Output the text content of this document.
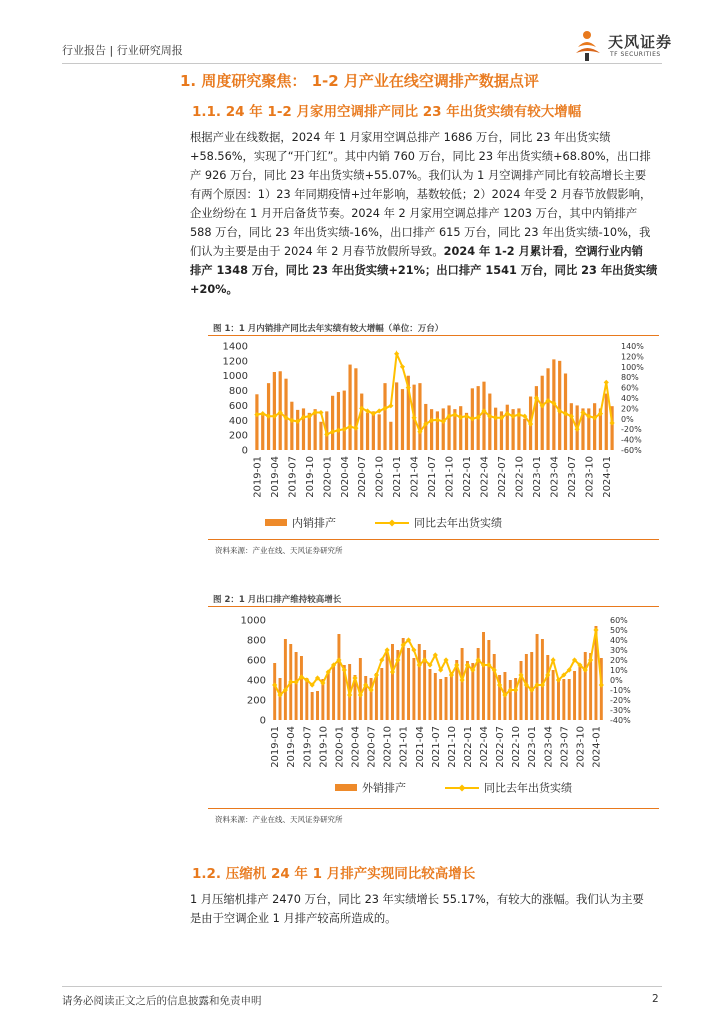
行业报告 | 行业研究周报	天风证券
TF SECURITIES
1. 周度研究聚焦： 1-2 月产业在线空调排产数据点评
1.1. 24 年 1-2 月家用空调排产同比 23 年出货实绩有较大增幅
根据产业在线数据，2024 年 1 月家用空调总排产 1686 万台，同比 23 年出货实绩
+58.56%，实现了“开门红”。其中内销 760 万台，同比 23 年出货实绩+68.80%，出口排
产 926 万台，同比 23 年出货实绩+55.07%。我们认为 1 月空调排产同比有较高增长主要
有两个原因：1）23 年同期疫情+过年影响，基数较低；2）2024 年受 2 月春节放假影响，
企业纷纷在 1 月开启备货节奏。2024 年 2 月家用空调总排产 1203 万台，其中内销排产
588 万台，同比 23 年出货实绩-16%，出口排产 615 万台，同比 23 年出货实绩-10%，我
们认为主要是由于 2024 年 2 月春节放假所导致。2024 年 1-2 月累计看，空调行业内销
排产 1348 万台，同比 23 年出货实绩+21%；出口排产 1541 万台，同比 23 年出货实绩
+20%。
图 1：1 月内销排产同比去年实绩有较大增幅（单位：万台）
0
200
400
600
800
1000
1200
1400
-60%
-40%
-20%
0%
20%
40%
60%
80%
100%
120%
140%
2019-01 2019-04 2019-07 2019-10 2020-01 2020-04 2020-07 2020-10 2021-01 2021-04 2021-07 2021-10 2022-01 2022-04 2022-07 2022-10 2023-01 2023-04 2023-07 2023-10 2024-01
内销排产	同比去年出货实绩
资料来源：产业在线、天风证券研究所
图 2：1 月出口排产维持较高增长
0
200
400
600
800
1000
-40%
-30%
-20%
-10%
0%
10%
20%
30%
40%
50%
60%
2019-01 2019-04 2019-07 2019-10 2020-01 2020-04 2020-07 2020-10 2021-01 2021-04 2021-07 2021-10 2022-01 2022-04 2022-07 2022-10 2023-01 2023-04 2023-07 2023-10 2024-01
外销排产	同比去年出货实绩
资料来源：产业在线、天风证券研究所
1.2. 压缩机 24 年 1 月排产实现同比较高增长
1 月压缩机排产 2470 万台，同比 23 年实绩增长 55.17%，有较大的涨幅。我们认为主要
是由于空调企业 1 月排产较高所造成的。
请务必阅读正文之后的信息披露和免责申明	2
